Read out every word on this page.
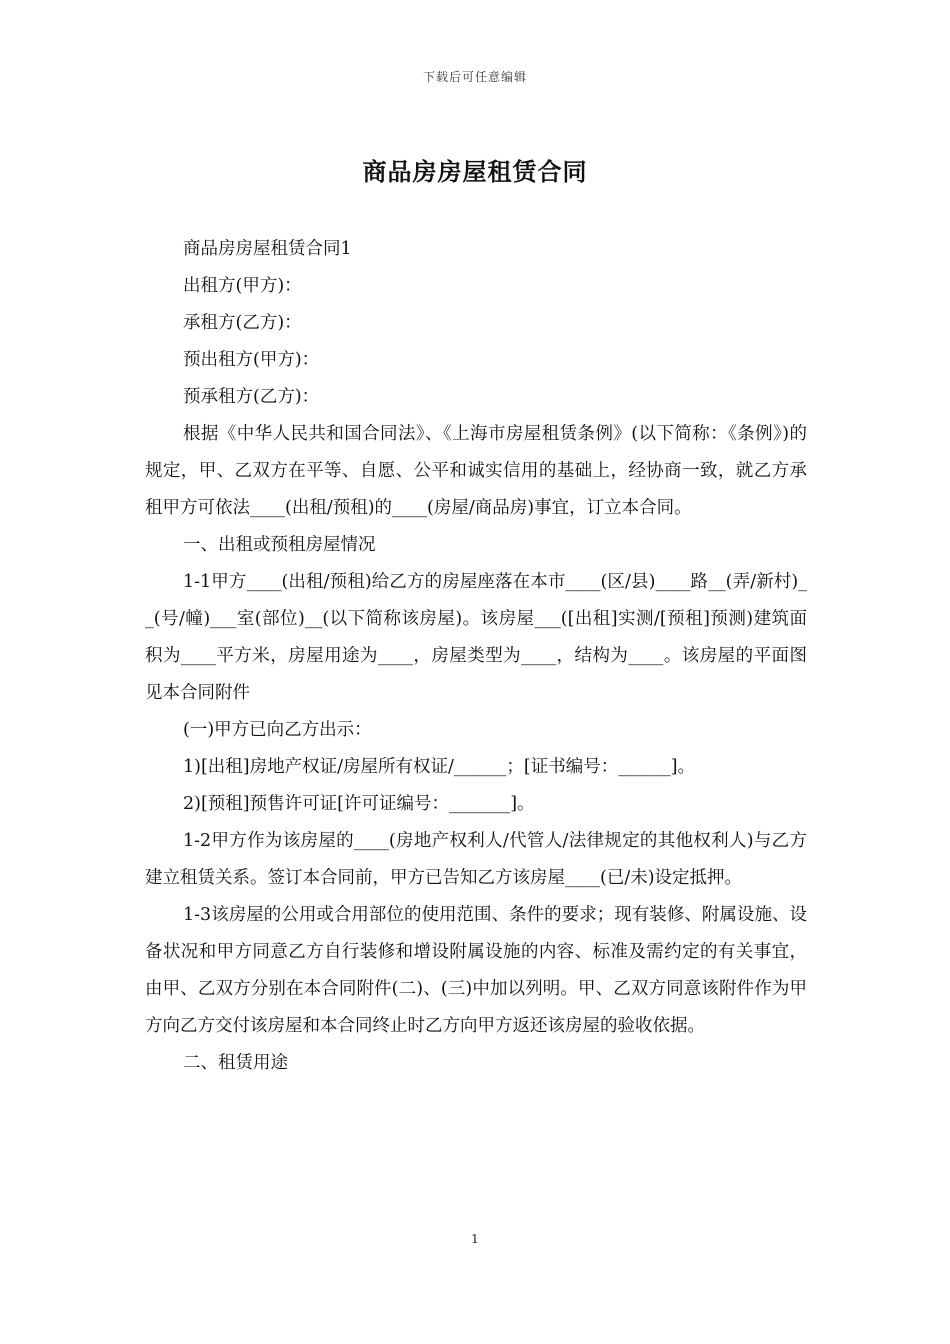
下载后可任意编辑
商品房房屋租赁合同

商品房房屋租赁合同1

出租方(甲方)：

承租方(乙方)：

预出租方(甲方)：

预承租方(乙方)：

根据《中华人民共和国合同法》、《上海市房屋租赁条例》(以下简称：《条例》)的规定，甲、乙双方在平等、自愿、公平和诚实信用的基础上，经协商一致，就乙方承租甲方可依法____(出租/预租)的____(房屋/商品房)事宜，订立本合同。

一、出租或预租房屋情况

1-1甲方____(出租/预租)给乙方的房屋座落在本市____(区/县)____路__(弄/新村)__(号/幢)___室(部位)__(以下简称该房屋)。该房屋___([出租]实测/[预租]预测)建筑面积为____平方米，房屋用途为____，房屋类型为____，结构为____。该房屋的平面图见本合同附件

(一)甲方已向乙方出示：

1)[出租]房地产权证/房屋所有权证/______；[证书编号：______]。

2)[预租]预售许可证[许可证编号：_______]。

1-2甲方作为该房屋的____(房地产权利人/代管人/法律规定的其他权利人)与乙方建立租赁关系。签订本合同前，甲方已告知乙方该房屋____(已/未)设定抵押。

1-3该房屋的公用或合用部位的使用范围、条件的要求；现有装修、附属设施、设备状况和甲方同意乙方自行装修和增设附属设施的内容、标准及需约定的有关事宜，由甲、乙双方分别在本合同附件(二)、(三)中加以列明。甲、乙双方同意该附件作为甲方向乙方交付该房屋和本合同终止时乙方向甲方返还该房屋的验收依据。

二、租赁用途

1
